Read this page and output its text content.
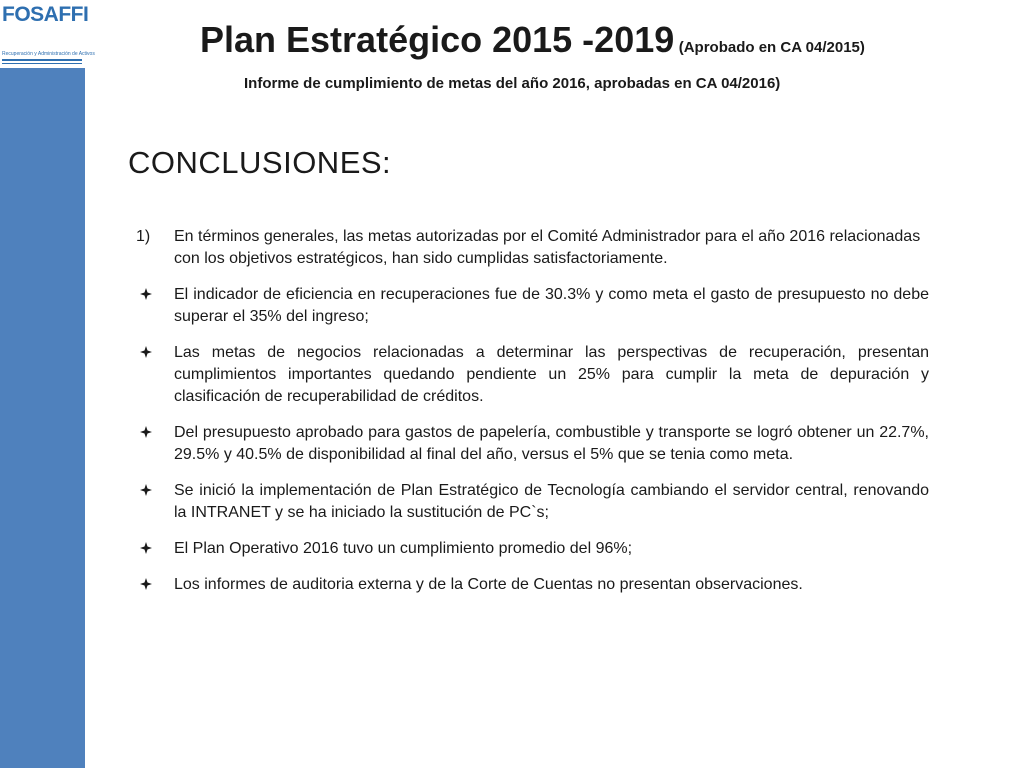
FOSAFFI
Recuperación y Administración de Activos	Plan Estratégico 2015 -2019 (Aprobado en CA 04/2015)
Informe de cumplimiento de metas del año 2016, aprobadas en CA 04/2016)
CONCLUSIONES:
1)	En términos generales, las metas autorizadas por el Comité Administrador para el año 2016 relacionadas con los objetivos estratégicos, han sido cumplidas satisfactoriamente.
El indicador de eficiencia en recuperaciones fue de 30.3% y como meta el gasto de presupuesto no debe superar el 35% del ingreso;
Las metas de negocios relacionadas a determinar las perspectivas de recuperación, presentan cumplimientos importantes quedando pendiente un 25% para cumplir la meta de depuración y clasificación de recuperabilidad de créditos.
Del presupuesto aprobado para gastos de papelería, combustible y transporte se logró obtener un 22.7%, 29.5% y 40.5% de disponibilidad al final del año, versus el 5% que se tenia como meta.
Se inició la implementación de Plan Estratégico de Tecnología cambiando el servidor central, renovando la INTRANET y se ha iniciado la sustitución de PC`s;
El Plan Operativo 2016 tuvo un cumplimiento promedio del 96%;
Los informes de auditoria externa y de la Corte de Cuentas no presentan observaciones.
